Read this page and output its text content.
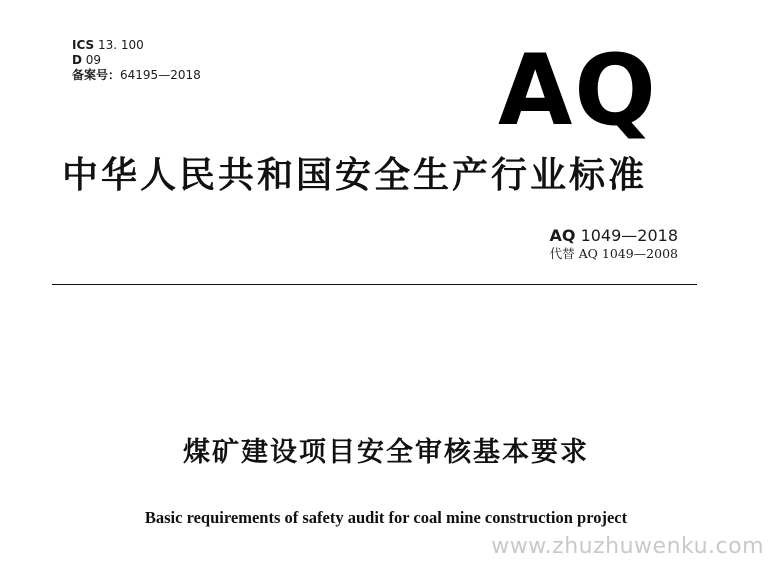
ICS 13. 100
D 09
备案号：64195—2018	AQ
中华人民共和国安全生产行业标准
AQ 1049—2018
代替 AQ 1049—2008
煤矿建设项目安全审核基本要求
Basic requirements of safety audit for coal mine construction project
www.zhuzhuwenku.com
